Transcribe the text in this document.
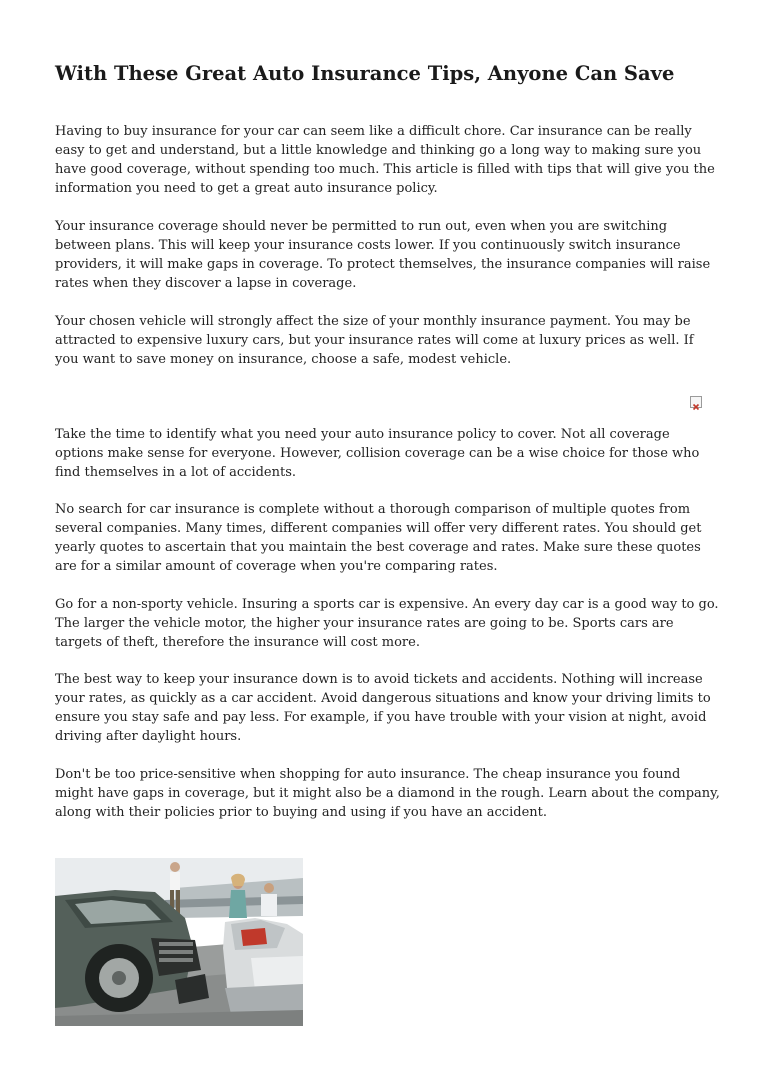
With These Great Auto Insurance Tips, Anyone Can Save

Having to buy insurance for your car can seem like a difficult chore. Car insurance can be really easy to get and understand, but a little knowledge and thinking go a long way to making sure you have good coverage, without spending too much. This article is filled with tips that will give you the information you need to get a great auto insurance policy.

Your insurance coverage should never be permitted to run out, even when you are switching between plans. This will keep your insurance costs lower. If you continuously switch insurance providers, it will make gaps in coverage. To protect themselves, the insurance companies will raise rates when they discover a lapse in coverage.

Your chosen vehicle will strongly affect the size of your monthly insurance payment. You may be attracted to expensive luxury cars, but your insurance rates will come at luxury prices as well. If you want to save money on insurance, choose a safe, modest vehicle.

Take the time to identify what you need your auto insurance policy to cover. Not all coverage options make sense for everyone. However, collision coverage can be a wise choice for those who find themselves in a lot of accidents.

No search for car insurance is complete without a thorough comparison of multiple quotes from several companies. Many times, different companies will offer very different rates. You should get yearly quotes to ascertain that you maintain the best coverage and rates. Make sure these quotes are for a similar amount of coverage when you're comparing rates.

Go for a non-sporty vehicle. Insuring a sports car is expensive. An every day car is a good way to go. The larger the vehicle motor, the higher your insurance rates are going to be. Sports cars are targets of theft, therefore the insurance will cost more.

The best way to keep your insurance down is to avoid tickets and accidents. Nothing will increase your rates, as quickly as a car accident. Avoid dangerous situations and know your driving limits to ensure you stay safe and pay less. For example, if you have trouble with your vision at night, avoid driving after daylight hours.

Don't be too price-sensitive when shopping for auto insurance. The cheap insurance you found might have gaps in coverage, but it might also be a diamond in the rough. Learn about the company, along with their policies prior to buying and using if you have an accident.
